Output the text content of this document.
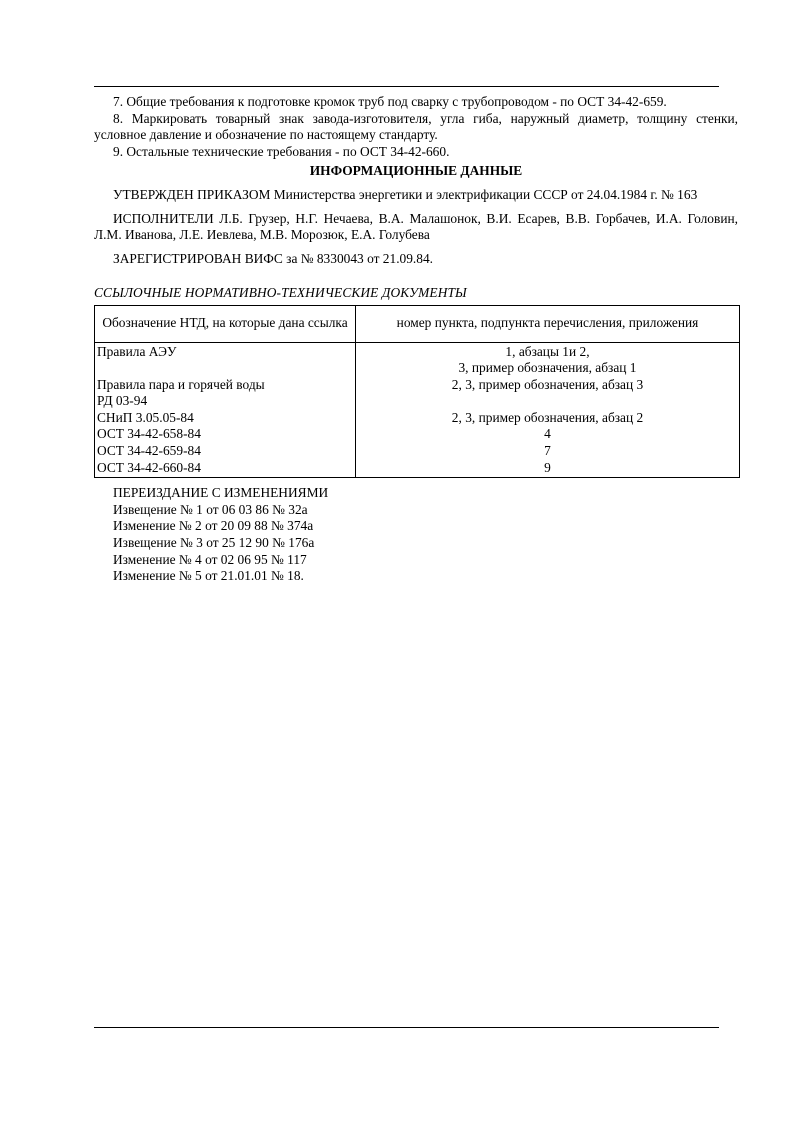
7. Общие требования к подготовке кромок труб под сварку с трубопроводом - по ОСТ 34-42-659.

8. Маркировать товарный знак завода-изготовителя, угла гиба, наружный диаметр, толщину стенки, условное давление и обозначение по настоящему стандарту.

9. Остальные технические требования - по ОСТ 34-42-660.

ИНФОРМАЦИОННЫЕ ДАННЫЕ

УТВЕРЖДЕН ПРИКАЗОМ Министерства энергетики и электрификации СССР от 24.04.1984 г. № 163

ИСПОЛНИТЕЛИ Л.Б. Грузер, Н.Г. Нечаева, В.А. Малашонок, В.И. Есарев, В.В. Горбачев, И.А. Головин, Л.М. Иванова, Л.Е. Иевлева, М.В. Морозюк, Е.А. Голубева

ЗАРЕГИСТРИРОВАН ВИФС за № 8330043 от 21.09.84.

ССЫЛОЧНЫЕ НОРМАТИВНО-ТЕХНИЧЕСКИЕ ДОКУМЕНТЫ

Обозначение НТД, на которые дана ссылка	номер пункта, подпункта перечисления, приложения
Правила АЭУ	1, абзацы 1и 2,
3, пример обозначения, абзац 1
Правила пара и горячей воды	2, 3, пример обозначения, абзац 3
РД 03-94	
СНиП 3.05.05-84	2, 3, пример обозначения, абзац 2
ОСТ 34-42-658-84	4
ОСТ 34-42-659-84	7
ОСТ 34-42-660-84	9
ПЕРЕИЗДАНИЕ С ИЗМЕНЕНИЯМИ
Извещение № 1 от 06 03 86 № 32а
Изменение № 2 от 20 09 88 № 374а
Извещение № 3 от 25 12 90 № 176а
Изменение № 4 от 02 06 95 № 117
Изменение № 5 от 21.01.01 № 18.
